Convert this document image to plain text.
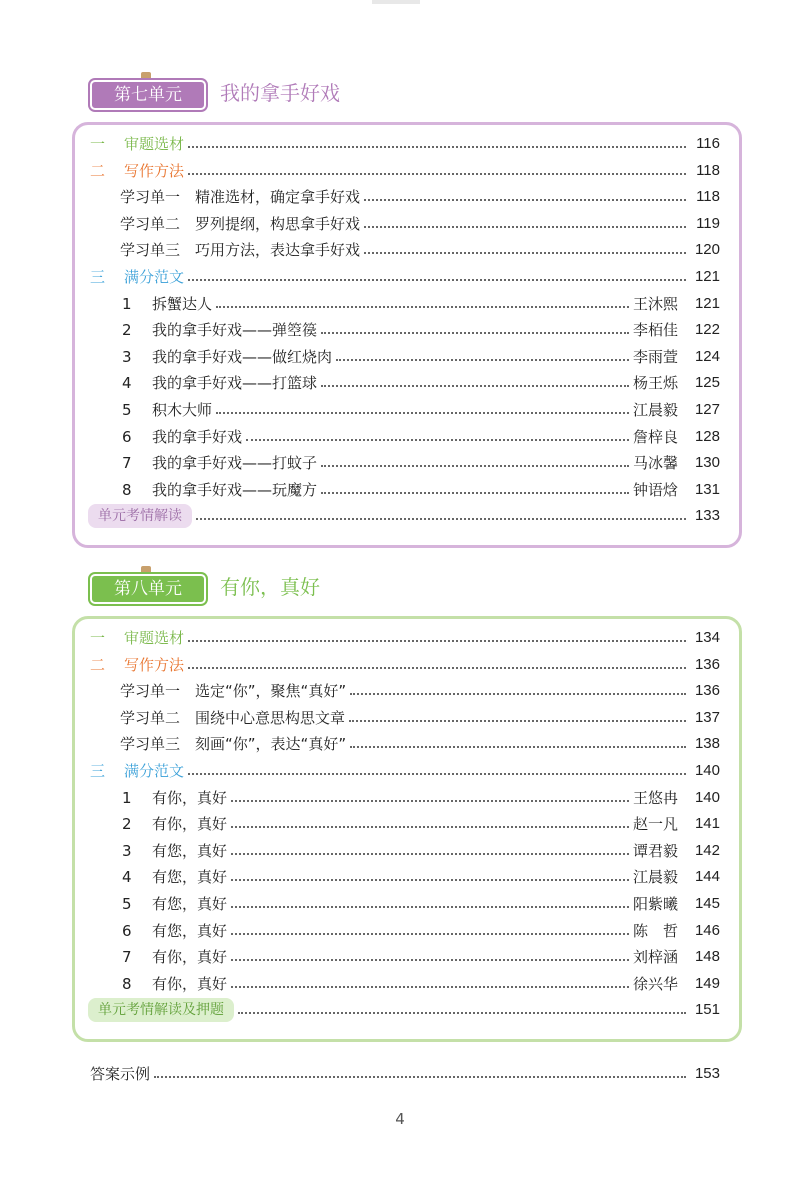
第七单元	我的拿手好戏
第八单元	有你，真好
答案示例	153
4
一	审题选材	116
二	写作方法	118
学习单一　精准选材，确定拿手好戏	118
学习单二　罗列提纲，构思拿手好戏	119
学习单三　巧用方法，表达拿手好戏	120
三	满分范文	121
1	拆蟹达人	王沐熙	121
2	我的拿手好戏——弹箜篌	李栢佳	122
3	我的拿手好戏——做红烧肉	李雨萱	124
4	我的拿手好戏——打篮球	杨王烁	125
5	积木大师	江晨毅	127
6	我的拿手好戏	詹梓良	128
7	我的拿手好戏——打蚊子	马冰馨	130
8	我的拿手好戏——玩魔方	钟语焓	131
单元考情解读	133
一	审题选材	134
二	写作方法	136
学习单一　选定“你”，聚焦“真好”	136
学习单二　围绕中心意思构思文章	137
学习单三　刻画“你”，表达“真好”	138
三	满分范文	140
1	有你，真好	王悠冉	140
2	有你，真好	赵一凡	141
3	有您，真好	谭君毅	142
4	有您，真好	江晨毅	144
5	有您，真好	阳紫曦	145
6	有您，真好	陈　哲	146
7	有你，真好	刘梓涵	148
8	有你，真好	徐兴华	149
单元考情解读及押题	151
